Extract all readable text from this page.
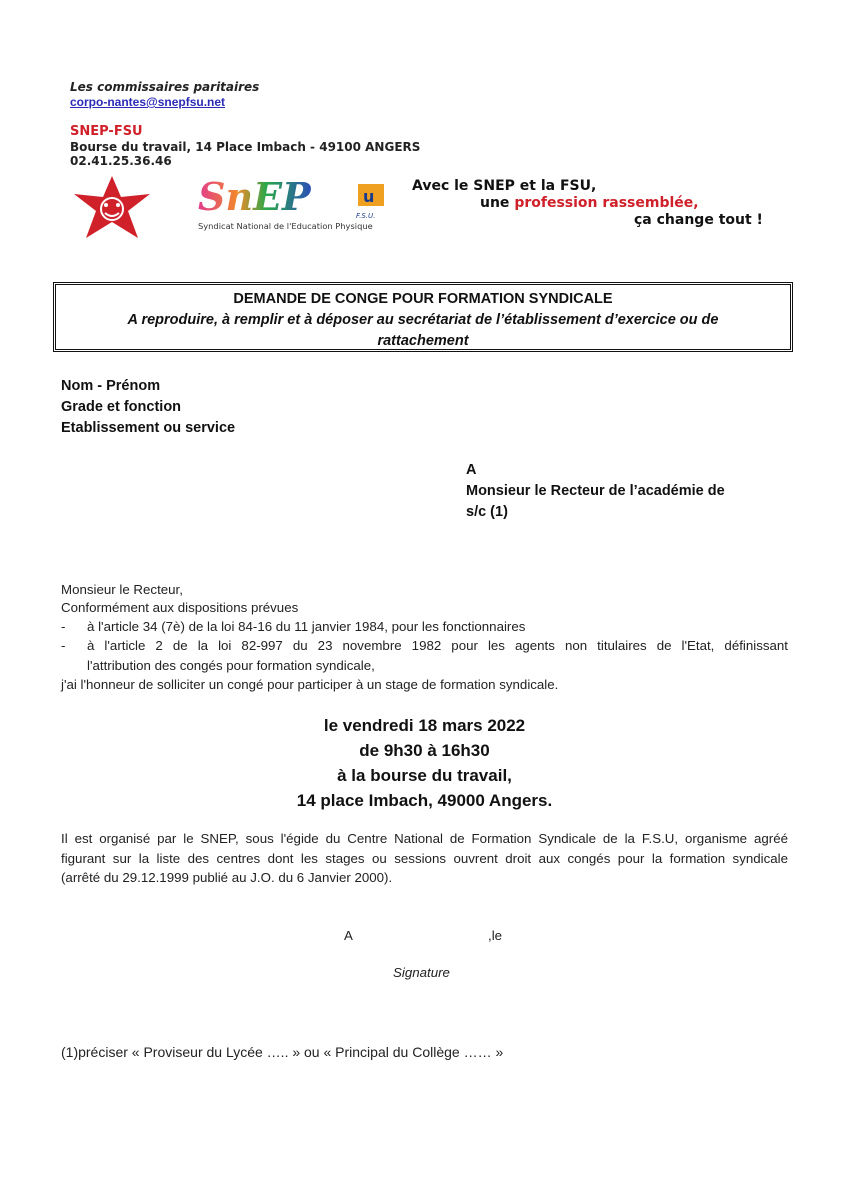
Les commissaires paritaires
corpo-nantes@snepfsu.net
SNEP-FSU
Bourse du travail, 14 Place Imbach - 49100 ANGERS
02.41.25.36.46
SnEP	u
F.S.U.
Syndicat National de l'Education Physique
Avec le SNEP et la FSU,
une profession rassemblée,
ça change tout !
DEMANDE DE CONGE POUR FORMATION SYNDICALE
A reproduire, à remplir et à déposer au secrétariat de l’établissement d’exercice ou de
rattachement
Nom - Prénom
Grade et fonction
Etablissement ou service
A
Monsieur le Recteur de l’académie de
s/c (1)
Monsieur le Recteur,
Conformément aux dispositions prévues
- à l'article 34 (7è) de la loi 84-16 du 11 janvier 1984, pour les fonctionnaires
- à l'article 2 de la loi 82-997 du 23 novembre 1982 pour les agents non titulaires de l'Etat, définissant
l'attribution des congés pour formation syndicale,
j'ai l'honneur de solliciter un congé pour participer à un stage de formation syndicale.
le vendredi 18 mars 2022
de 9h30 à 16h30
à la bourse du travail,
14 place Imbach, 49000 Angers.
Il est organisé par le SNEP, sous l'égide du Centre National de Formation Syndicale de la F.S.U, organisme agréé
figurant sur la liste des centres dont les stages ou sessions ouvrent droit aux congés pour la formation syndicale
(arrêté du 29.12.1999 publié au J.O. du 6 Janvier 2000).
A	,le
Signature
(1)préciser « Proviseur du Lycée ….. » ou « Principal du Collège …… »
